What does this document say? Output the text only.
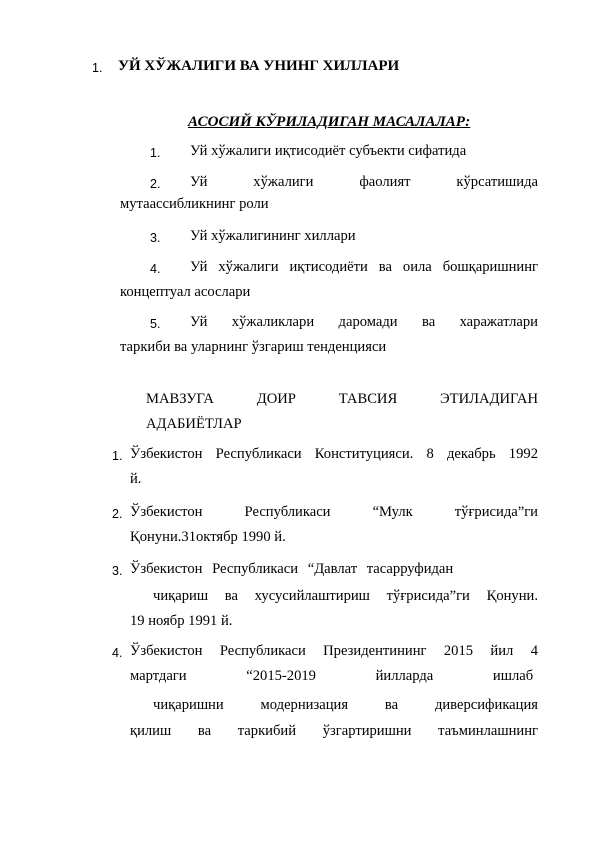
1. УЙ ХЎЖАЛИГИ ВА УНИНГ ХИЛЛАРИ
АСОСИЙ КЎРИЛАДИГАН МАСАЛАЛАР:
1. Уй хўжалиги иқтисодиёт субъекти сифатида
2. Уй хўжалиги фаолият кўрсатишида
мутаассибликнинг роли
3. Уй хўжалигининг хиллари
4. Уй хўжалиги иқтисодиёти ва оила бошқаришнинг
концептуал асослари
5. Уй хўжаликлари даромади ва харажатлари
таркиби ва уларнинг ўзгариш тенденцияси
МАВЗУГА ДОИР ТАВСИЯ ЭТИЛАДИГАН
АДАБИЁТЛАР
1. Ўзбекистон Республикаси Конституцияси. 8 декабрь 1992
й.
2. Ўзбекистон Республикаси “Мулк тўғрисида”ги
Қонуни.31октябр 1990 й.
3. Ўзбекистон Республикаси “Давлат тасарруфидан
чиқариш ва хусусийлаштириш тўғрисида”ги Қонуни.
19 ноябр 1991 й.
4. Ўзбекистон Республикаси Президентининг 2015 йил 4
мартдаги “2015-2019 йилларда ишлаб
чиқаришни модернизация ва диверсификация
қилиш ва таркибий ўзгартиришни таъминлашнинг
